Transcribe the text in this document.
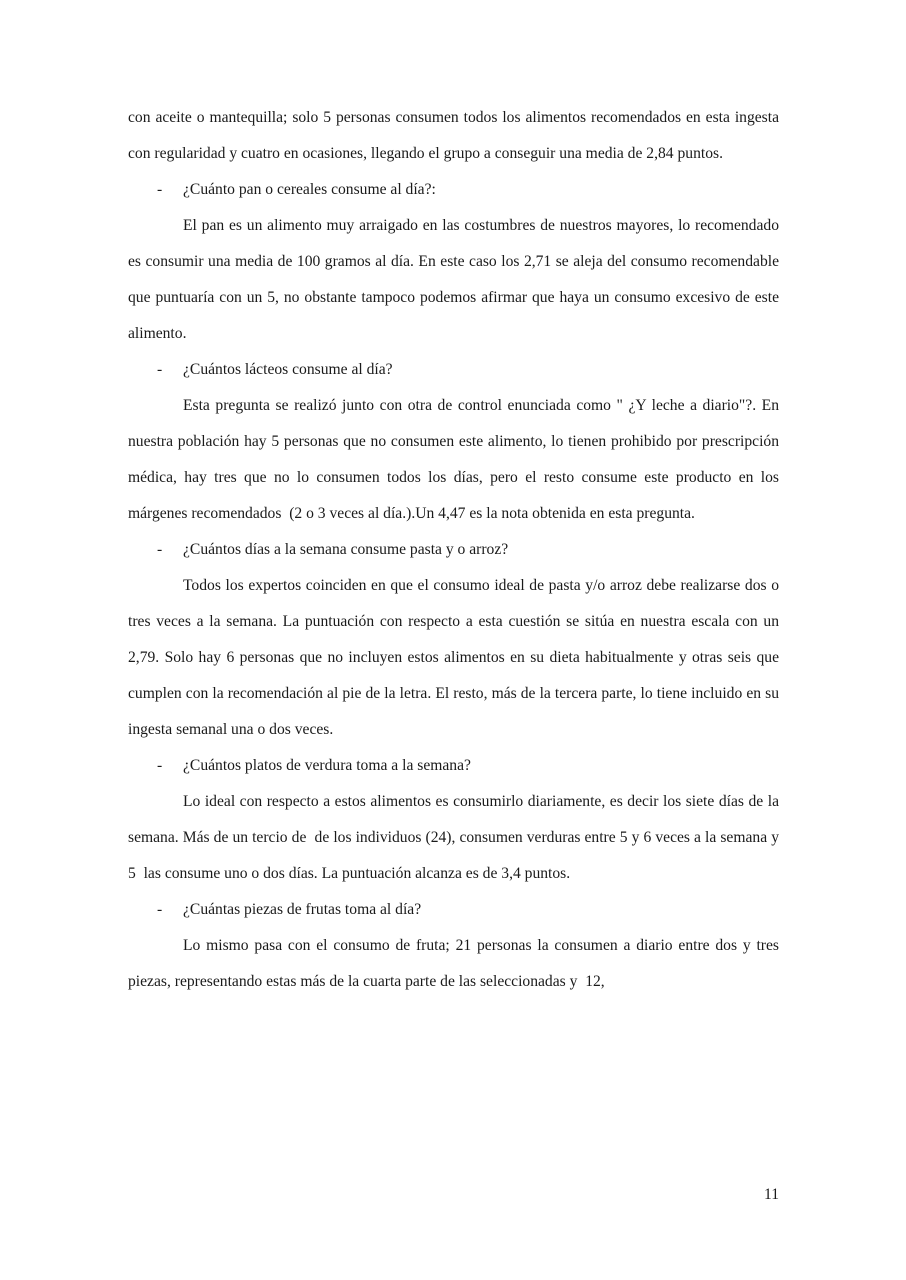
con aceite o mantequilla; solo 5 personas consumen todos los alimentos recomendados en esta ingesta con regularidad y cuatro en ocasiones, llegando el grupo a conseguir una media de 2,84 puntos.

- ¿Cuánto pan o cereales consume al día?:

El pan es un alimento muy arraigado en las costumbres de nuestros mayores, lo recomendado es consumir una media de 100 gramos al día. En este caso los 2,71 se aleja del consumo recomendable que puntuaría con un 5, no obstante tampoco podemos afirmar que haya un consumo excesivo de este alimento.

- ¿Cuántos lácteos consume al día?

Esta pregunta se realizó junto con otra de control enunciada como " ¿Y leche a diario"?. En nuestra población hay 5 personas que no consumen este alimento, lo tienen prohibido por prescripción médica, hay tres que no lo consumen todos los días, pero el resto consume este producto en los márgenes recomendados  (2 o 3 veces al día.).Un 4,47 es la nota obtenida en esta pregunta.

- ¿Cuántos días a la semana consume pasta y o arroz?

Todos los expertos coinciden en que el consumo ideal de pasta y/o arroz debe realizarse dos o tres veces a la semana. La puntuación con respecto a esta cuestión se sitúa en nuestra escala con un 2,79. Solo hay 6 personas que no incluyen estos alimentos en su dieta habitualmente y otras seis que cumplen con la recomendación al pie de la letra. El resto, más de la tercera parte, lo tiene incluido en su ingesta semanal una o dos veces.

- ¿Cuántos platos de verdura toma a la semana?

Lo ideal con respecto a estos alimentos es consumirlo diariamente, es decir los siete días de la semana. Más de un tercio de  de los individuos (24), consumen verduras entre 5 y 6 veces a la semana y 5  las consume uno o dos días. La puntuación alcanza es de 3,4 puntos.

- ¿Cuántas piezas de frutas toma al día?

Lo mismo pasa con el consumo de fruta; 21 personas la consumen a diario entre dos y tres piezas, representando estas más de la cuarta parte de las seleccionadas y  12,

11
